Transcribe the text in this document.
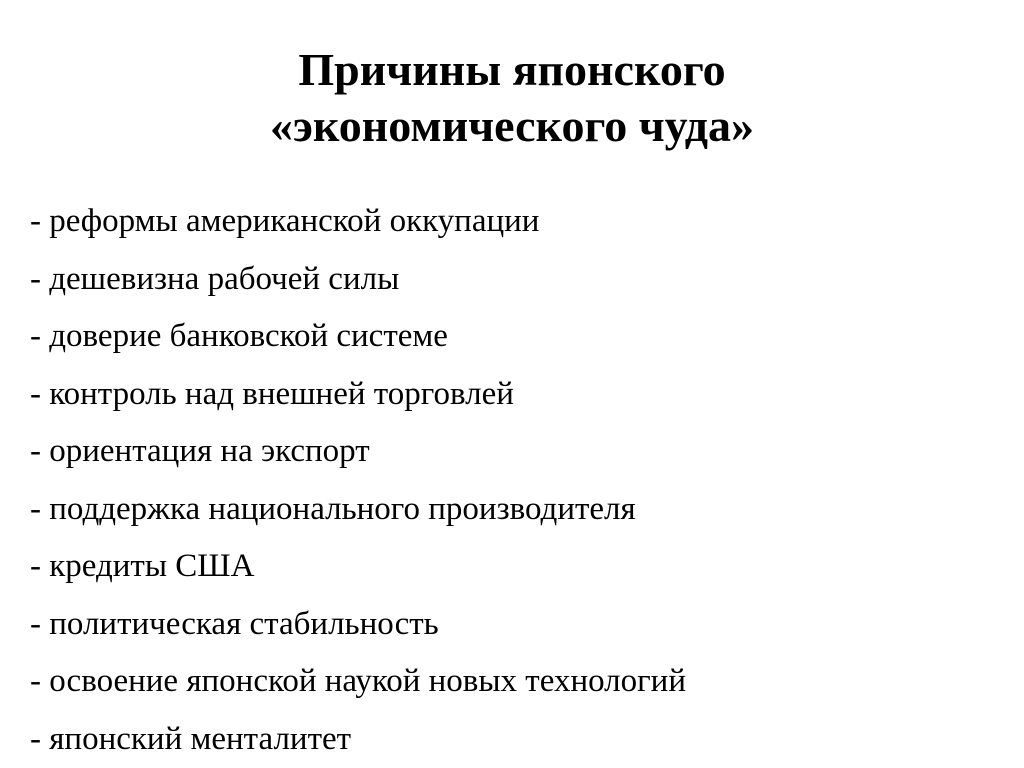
Причины японского
«экономического чуда»
- реформы американской оккупации
- дешевизна рабочей силы
- доверие банковской системе
- контроль над внешней торговлей
- ориентация на экспорт
- поддержка национального производителя
- кредиты США
- политическая стабильность
- освоение японской наукой новых технологий
- японский менталитет
